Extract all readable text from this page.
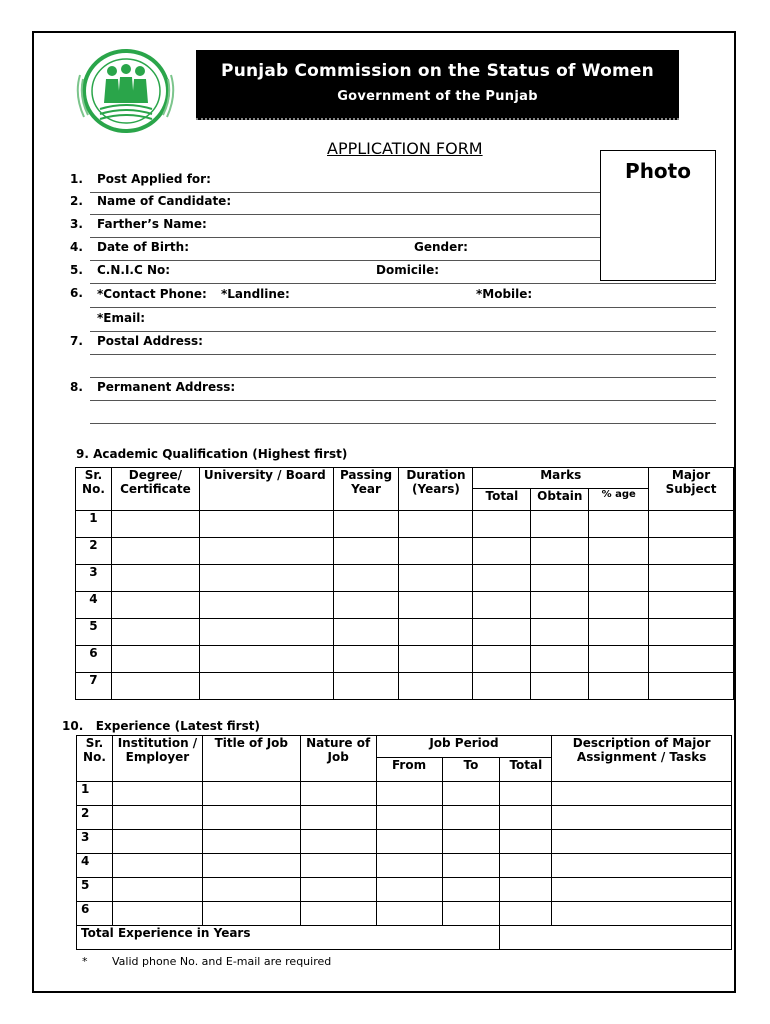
Punjab Commission on the Status of Women
Government of the Punjab
APPLICATION FORM
Photo
1. Post Applied for:
2. Name of Candidate:
3. Farther’s Name:
4. Date of Birth:	Gender:
5. C.N.I.C No:	Domicile:
6. *Contact Phone: *Landline:	*Mobile:
*Email:
7. Postal Address:
8. Permanent Address:
9. Academic Qualification (Highest first)
Sr. No.	Degree/ Certificate	University / Board	Passing Year	Duration (Years)	Marks			Major Subject
					Total	Obtain	% age	
1								
2								
3								
4								
5								
6								
7								
10.   Experience (Latest first)
Sr. No.	Institution / Employer	Title of Job	Nature of Job	Job Period			Description of Major Assignment / Tasks
				From	To	Total	
1							
2							
3							
4							
5							
6							
Total Experience in Years							
* Valid phone No. and E-mail are required
